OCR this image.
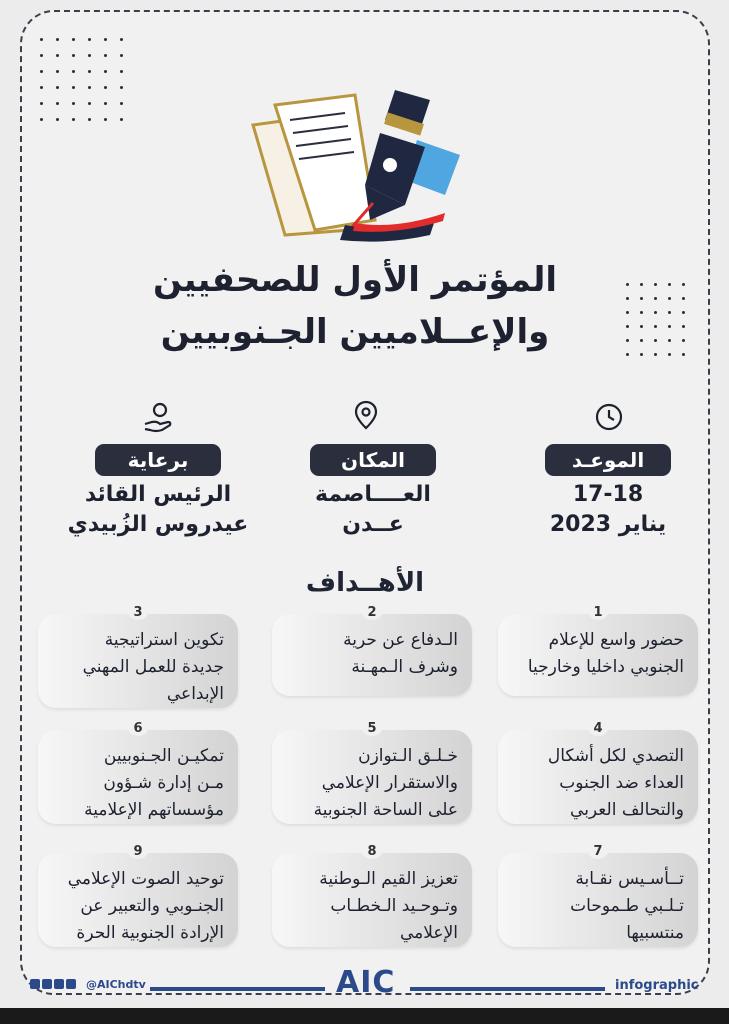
المؤتمر الأول للصحفيين
والإعــلاميين الجـنوبيين
الموعـد
17-18
يناير 2023
المكان
العــــاصمة
عــدن
برعاية
الرئيس القائد
عيدروس الزُبيدي
الأهــداف
1
حضور واسع للإعلام
الجنوبي داخليا وخارجيا
2
الـدفاع عن حرية
وشرف الـمهـنة
3
تكوين استراتيجية
جديدة للعمل المهني
الإبداعي
4
التصدي لكل أشكال
العداء ضد الجنوب
والتحالف العربي
5
خـلـق الـتوازن
والاستقرار الإعلامي
على الساحة الجنوبية
6
تمكيـن الجـنوبيين
مـن إدارة شـؤون
مؤسساتهم الإعلامية
7
تــأسـيس نقـابة
تـلـبي طـموحات
منتسبيها
8
تعزيز القيم الـوطنية
وتـوحـيد الـخطـاب
الإعلامي
9
توحيد الصوت الإعلامي
الجنـوبي والتعبير عن
الإرادة الجنوبية الحرة
@AIChdtv	AIC	infographic
